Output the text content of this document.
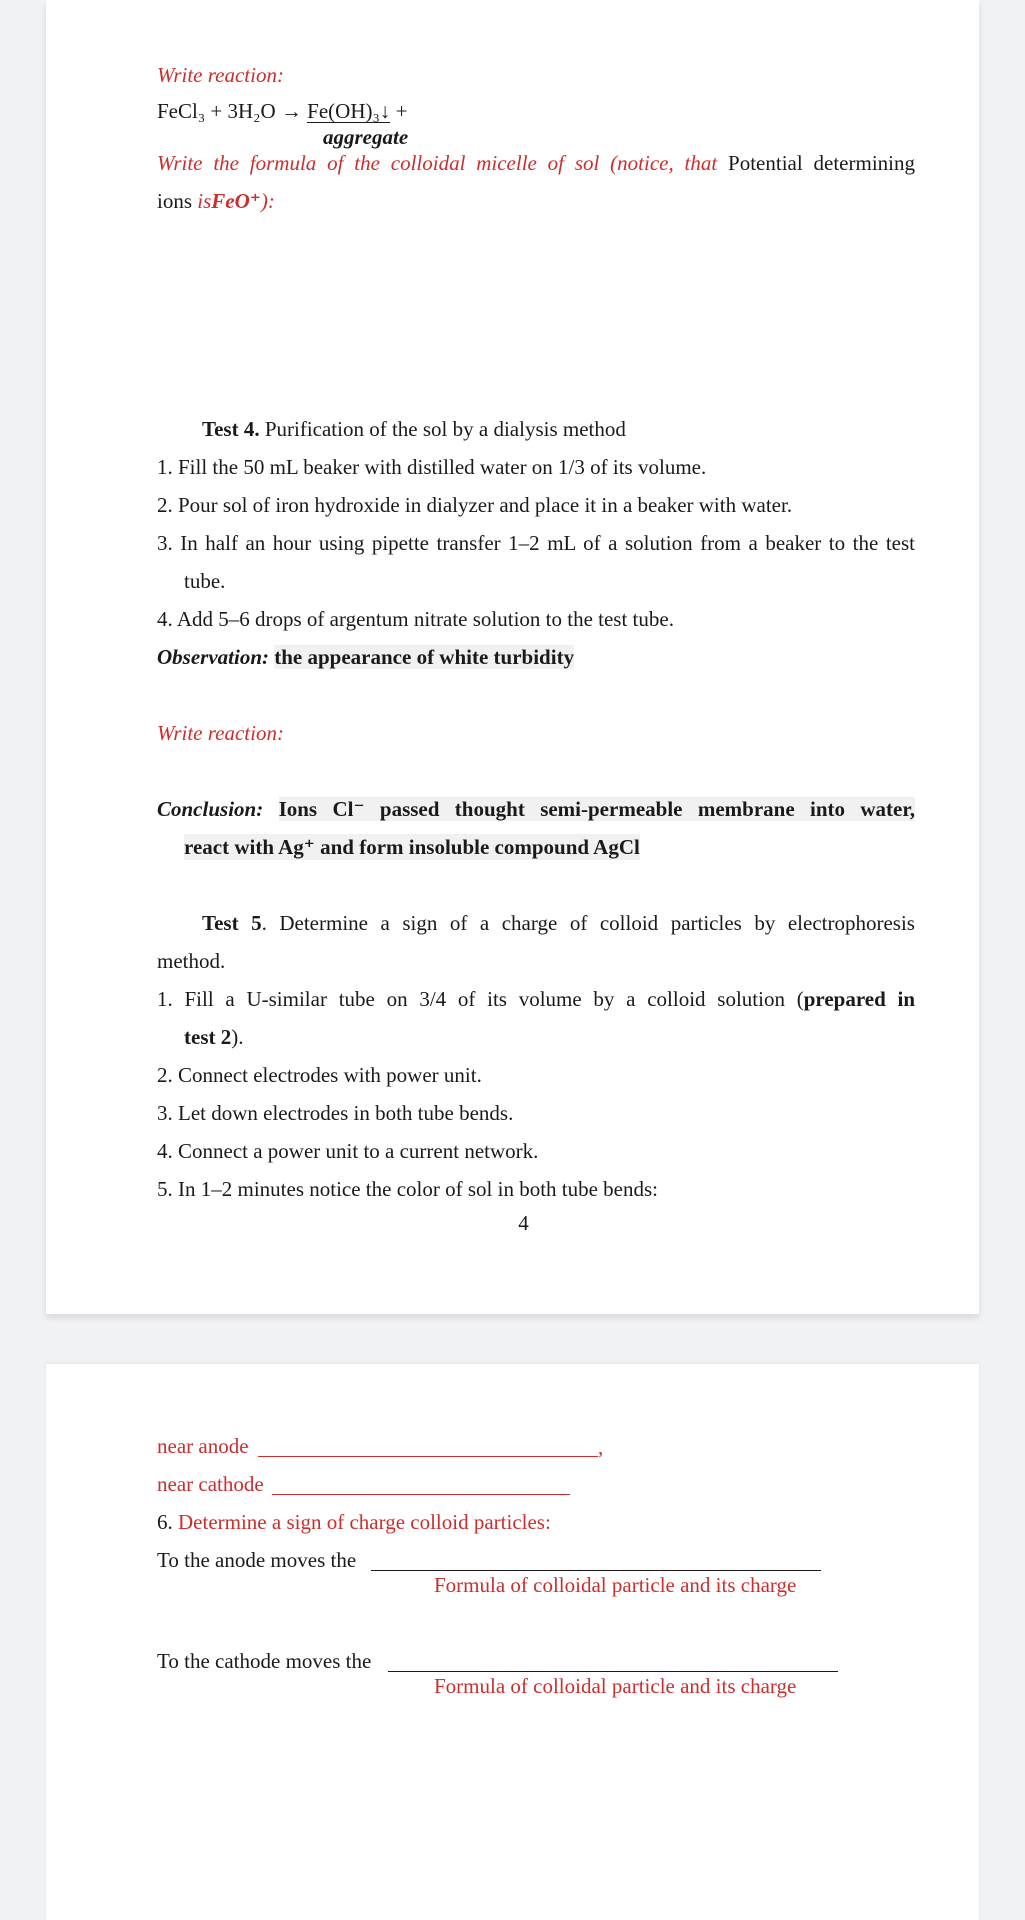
Write reaction:
FeCl₃ + 3H₂O → Fe(OH)₃↓ +
aggregate
Write the formula of the colloidal micelle of sol (notice, that Potential determining
ions isFeO⁺):
Test 4. Purification of the sol by a dialysis method
1. Fill the 50 mL beaker with distilled water on 1/3 of its volume.
2. Pour sol of iron hydroxide in dialyzer and place it in a beaker with water.
3. In half an hour using pipette transfer 1–2 mL of a solution from a beaker to the test
tube.
4. Add 5–6 drops of argentum nitrate solution to the test tube.
Observation: the appearance of white turbidity
Write reaction:
Conclusion: Ions Cl⁻ passed thought semi-permeable membrane into water,
react with Ag⁺ and form insoluble compound AgCl
Test 5. Determine a sign of a charge of colloid particles by electrophoresis
method.
1. Fill a U-similar tube on 3/4 of its volume by a colloid solution (prepared in
test 2).
2. Connect electrodes with power unit.
3. Let down electrodes in both tube bends.
4. Connect a power unit to a current network.
5. In 1–2 minutes notice the color of sol in both tube bends:
4
near anode	,
near cathode
6. Determine a sign of charge colloid particles:
To the anode moves the
Formula of colloidal particle and its charge
To the cathode moves the
Formula of colloidal particle and its charge
